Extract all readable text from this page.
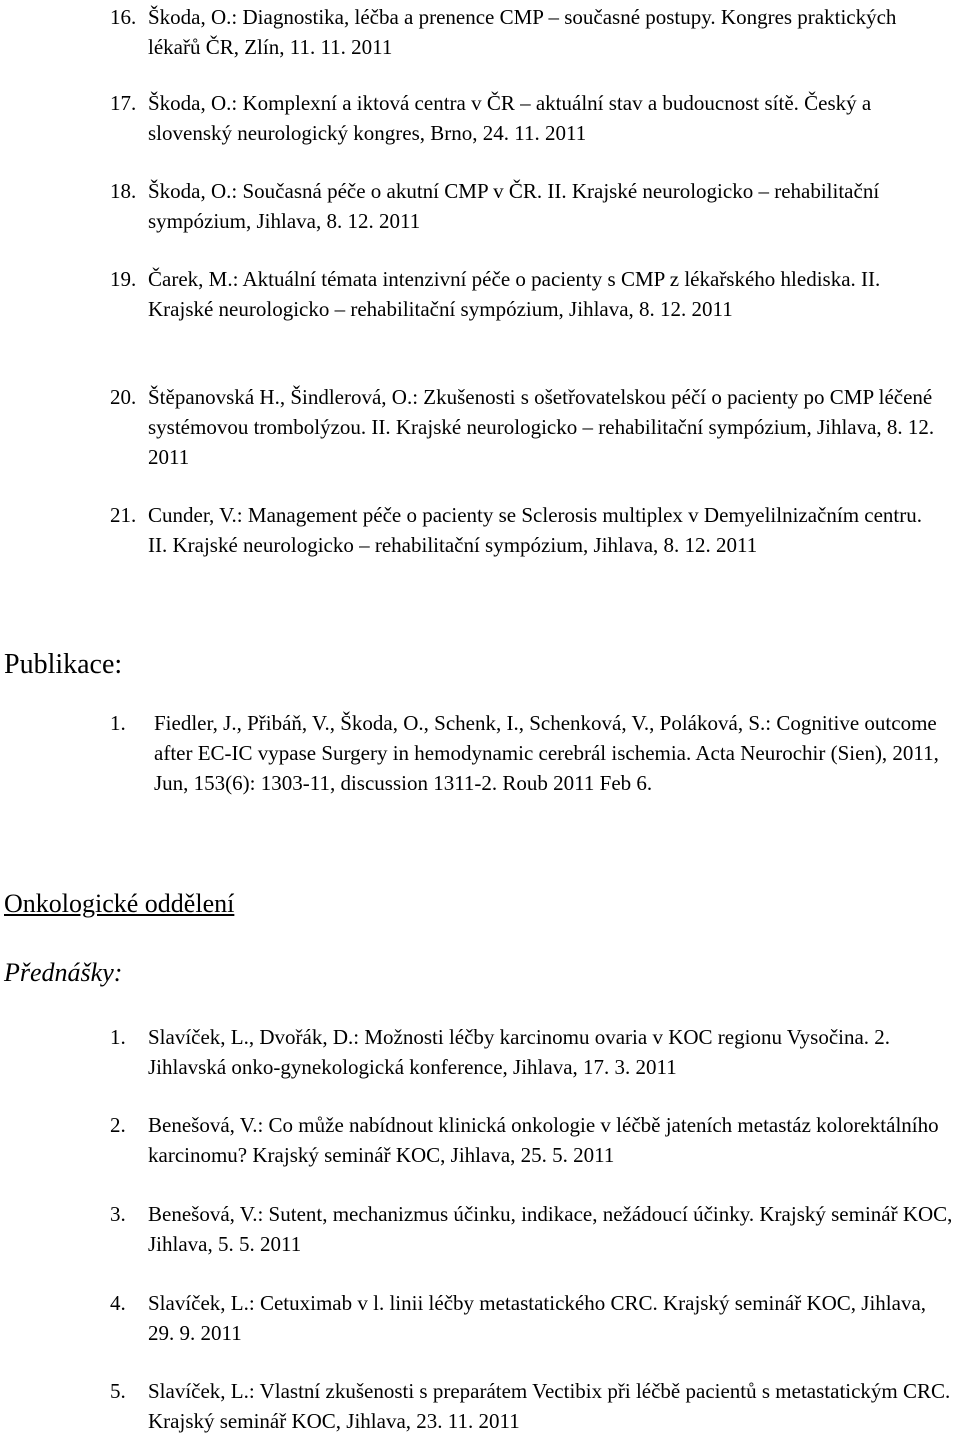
16. Škoda, O.: Diagnostika, léčba a prenence CMP – současné postupy. Kongres praktických lékařů ČR, Zlín, 11. 11. 2011
17. Škoda, O.: Komplexní a iktová centra v ČR – aktuální stav a budoucnost sítě. Český a slovenský neurologický kongres, Brno, 24. 11. 2011
18. Škoda, O.: Současná péče o akutní CMP v ČR. II. Krajské neurologicko – rehabilitační sympózium, Jihlava, 8. 12. 2011
19. Čarek, M.: Aktuální témata intenzivní péče o pacienty s CMP z lékařského hlediska. II. Krajské neurologicko – rehabilitační sympózium, Jihlava, 8. 12. 2011
20. Štěpanovská H., Šindlerová, O.: Zkušenosti s ošetřovatelskou péčí o pacienty po CMP léčené systémovou trombolýzou. II. Krajské neurologicko – rehabilitační sympózium, Jihlava, 8. 12. 2011
21. Cunder, V.: Management péče o pacienty se Sclerosis multiplex v Demyelilnizačním centru. II. Krajské neurologicko – rehabilitační sympózium, Jihlava, 8. 12. 2011
Publikace:
1. Fiedler, J., Přibáň, V., Škoda, O., Schenk, I., Schenková, V., Poláková, S.: Cognitive outcome after EC-IC vypase Surgery in hemodynamic cerebrál ischemia. Acta Neurochir (Sien), 2011, Jun, 153(6): 1303-11, discussion 1311-2. Roub 2011 Feb 6.
Onkologické oddělení
Přednášky:
1. Slavíček, L., Dvořák, D.: Možnosti léčby karcinomu ovaria v KOC regionu Vysočina. 2. Jihlavská onko-gynekologická konference, Jihlava, 17. 3. 2011
2. Benešová, V.: Co může nabídnout klinická onkologie v léčbě jateních metastáz kolorektálního karcinomu? Krajský seminář KOC, Jihlava, 25. 5. 2011
3. Benešová, V.: Sutent, mechanizmus účinku, indikace, nežádoucí účinky. Krajský seminář KOC, Jihlava, 5. 5. 2011
4. Slavíček, L.: Cetuximab v l. linii léčby metastatického CRC. Krajský seminář KOC, Jihlava, 29. 9. 2011
5. Slavíček, L.: Vlastní zkušenosti s preparátem Vectibix při léčbě pacientů s metastatickým CRC. Krajský seminář KOC, Jihlava, 23. 11. 2011
